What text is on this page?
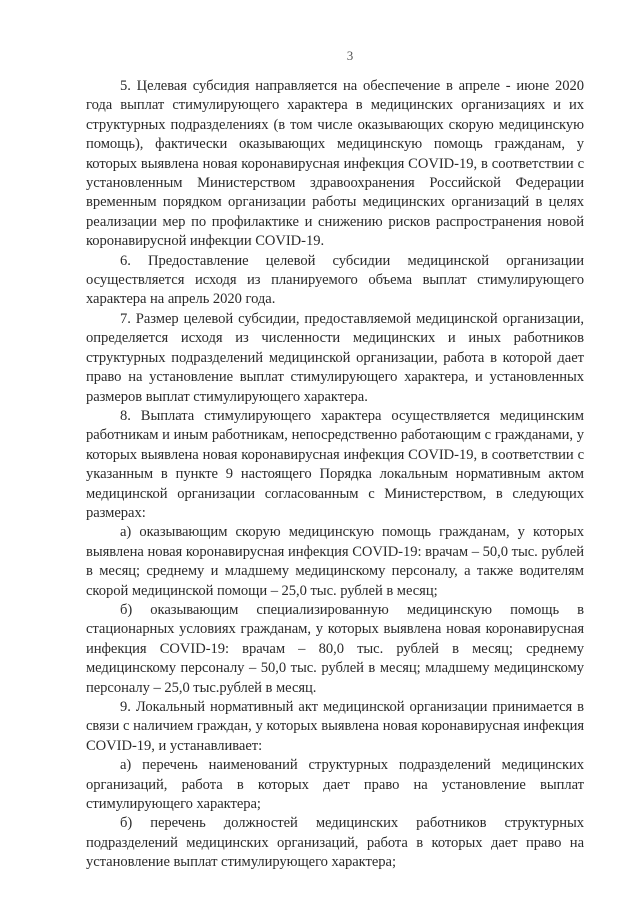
3

5. Целевая субсидия направляется на обеспечение в апреле - июне 2020 года выплат стимулирующего характера в медицинских организациях и их структурных подразделениях (в том числе оказывающих скорую медицинскую помощь), фактически оказывающих медицинскую помощь гражданам, у которых выявлена новая коронавирусная инфекция COVID-19, в соответствии с установленным Министерством здравоохранения Российской Федерации временным порядком организации работы медицинских организаций в целях реализации мер по профилактике и снижению рисков распространения новой коронавирусной инфекции COVID-19.

6. Предоставление целевой субсидии медицинской организации осуществляется исходя из планируемого объема выплат стимулирующего характера на апрель 2020 года.

7. Размер целевой субсидии, предоставляемой медицинской организации, определяется исходя из численности медицинских и иных работников структурных подразделений медицинской организации, работа в которой дает право на установление выплат стимулирующего характера, и установленных размеров выплат стимулирующего характера.

8. Выплата стимулирующего характера осуществляется медицинским работникам и иным работникам, непосредственно работающим с гражданами, у которых выявлена новая коронавирусная инфекция COVID-19, в соответствии с указанным в пункте 9 настоящего Порядка локальным нормативным актом медицинской организации согласованным с Министерством, в следующих размерах:

а) оказывающим скорую медицинскую помощь гражданам, у которых выявлена новая коронавирусная инфекция COVID-19: врачам – 50,0 тыс. рублей в месяц; среднему и младшему медицинскому персоналу, а также водителям скорой медицинской помощи – 25,0 тыс. рублей в месяц;

б) оказывающим специализированную медицинскую помощь в стационарных условиях гражданам, у которых выявлена новая коронавирусная инфекция COVID-19: врачам – 80,0 тыс. рублей в месяц; среднему медицинскому персоналу – 50,0 тыс. рублей в месяц; младшему медицинскому персоналу – 25,0 тыс.рублей в месяц.

9. Локальный нормативный акт медицинской организации принимается в связи с наличием граждан, у которых выявлена новая коронавирусная инфекция COVID-19, и устанавливает:

а) перечень наименований структурных подразделений медицинских организаций, работа в которых дает право на установление выплат стимулирующего характера;

б) перечень должностей медицинских работников структурных подразделений медицинских организаций, работа в которых дает право на установление выплат стимулирующего характера;
